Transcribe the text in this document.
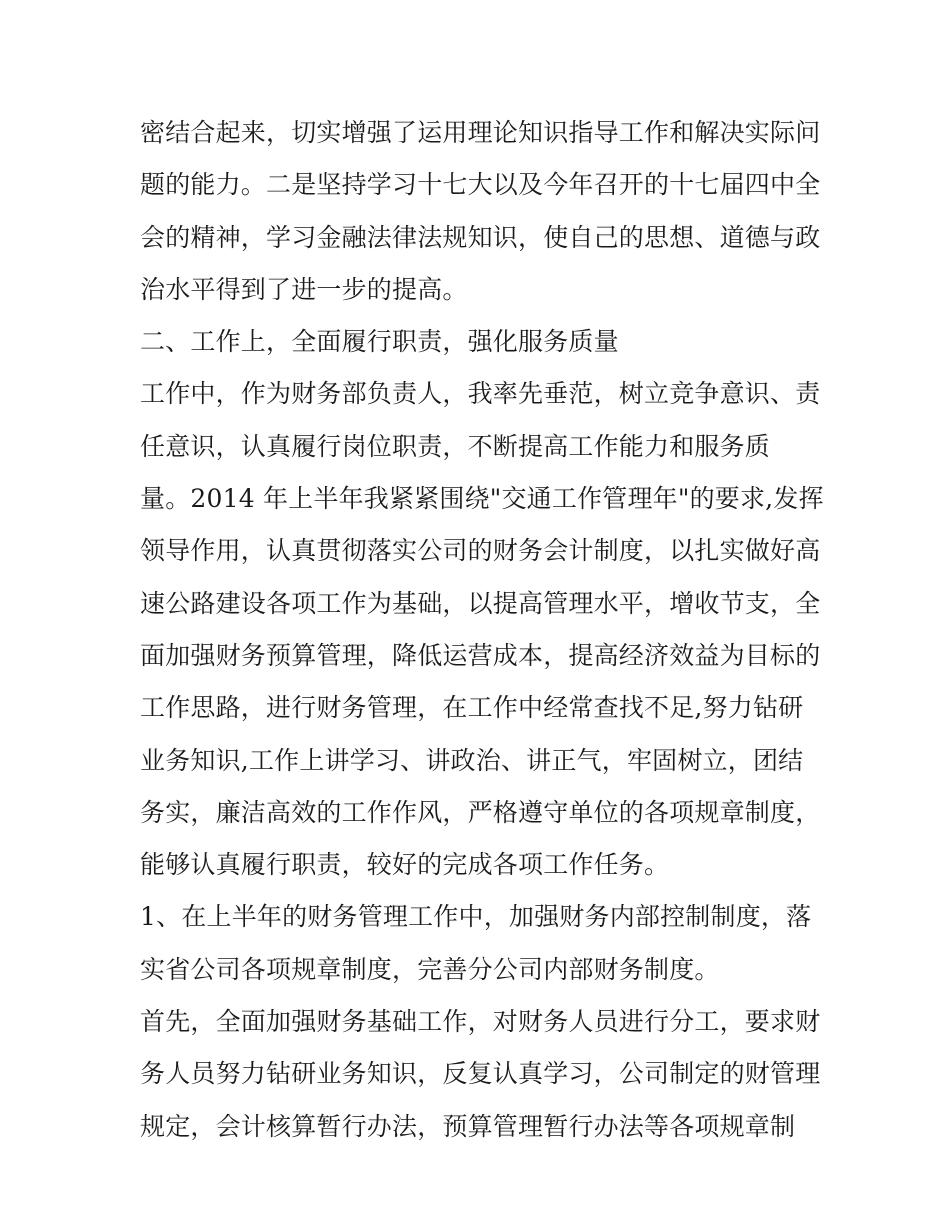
密结合起来，切实增强了运用理论知识指导工作和解决实际问
题的能力。二是坚持学习十七大以及今年召开的十七届四中全
会的精神，学习金融法律法规知识，使自己的思想、道德与政
治水平得到了进一步的提高。
二、工作上，全面履行职责，强化服务质量
工作中，作为财务部负责人，我率先垂范，树立竞争意识、责
任意识，认真履行岗位职责，不断提高工作能力和服务质
量。2014 年上半年我紧紧围绕"交通工作管理年"的要求,发挥
领导作用，认真贯彻落实公司的财务会计制度，以扎实做好高
速公路建设各项工作为基础，以提高管理水平，增收节支，全
面加强财务预算管理，降低运营成本，提高经济效益为目标的
工作思路，进行财务管理，在工作中经常查找不足,努力钻研
业务知识,工作上讲学习、讲政治、讲正气，牢固树立，团结
务实，廉洁高效的工作作风，严格遵守单位的各项规章制度，
能够认真履行职责，较好的完成各项工作任务。
1、在上半年的财务管理工作中，加强财务内部控制制度，落
实省公司各项规章制度，完善分公司内部财务制度。
首先，全面加强财务基础工作，对财务人员进行分工，要求财
务人员努力钻研业务知识，反复认真学习，公司制定的财管理
规定，会计核算暂行办法，预算管理暂行办法等各项规章制
